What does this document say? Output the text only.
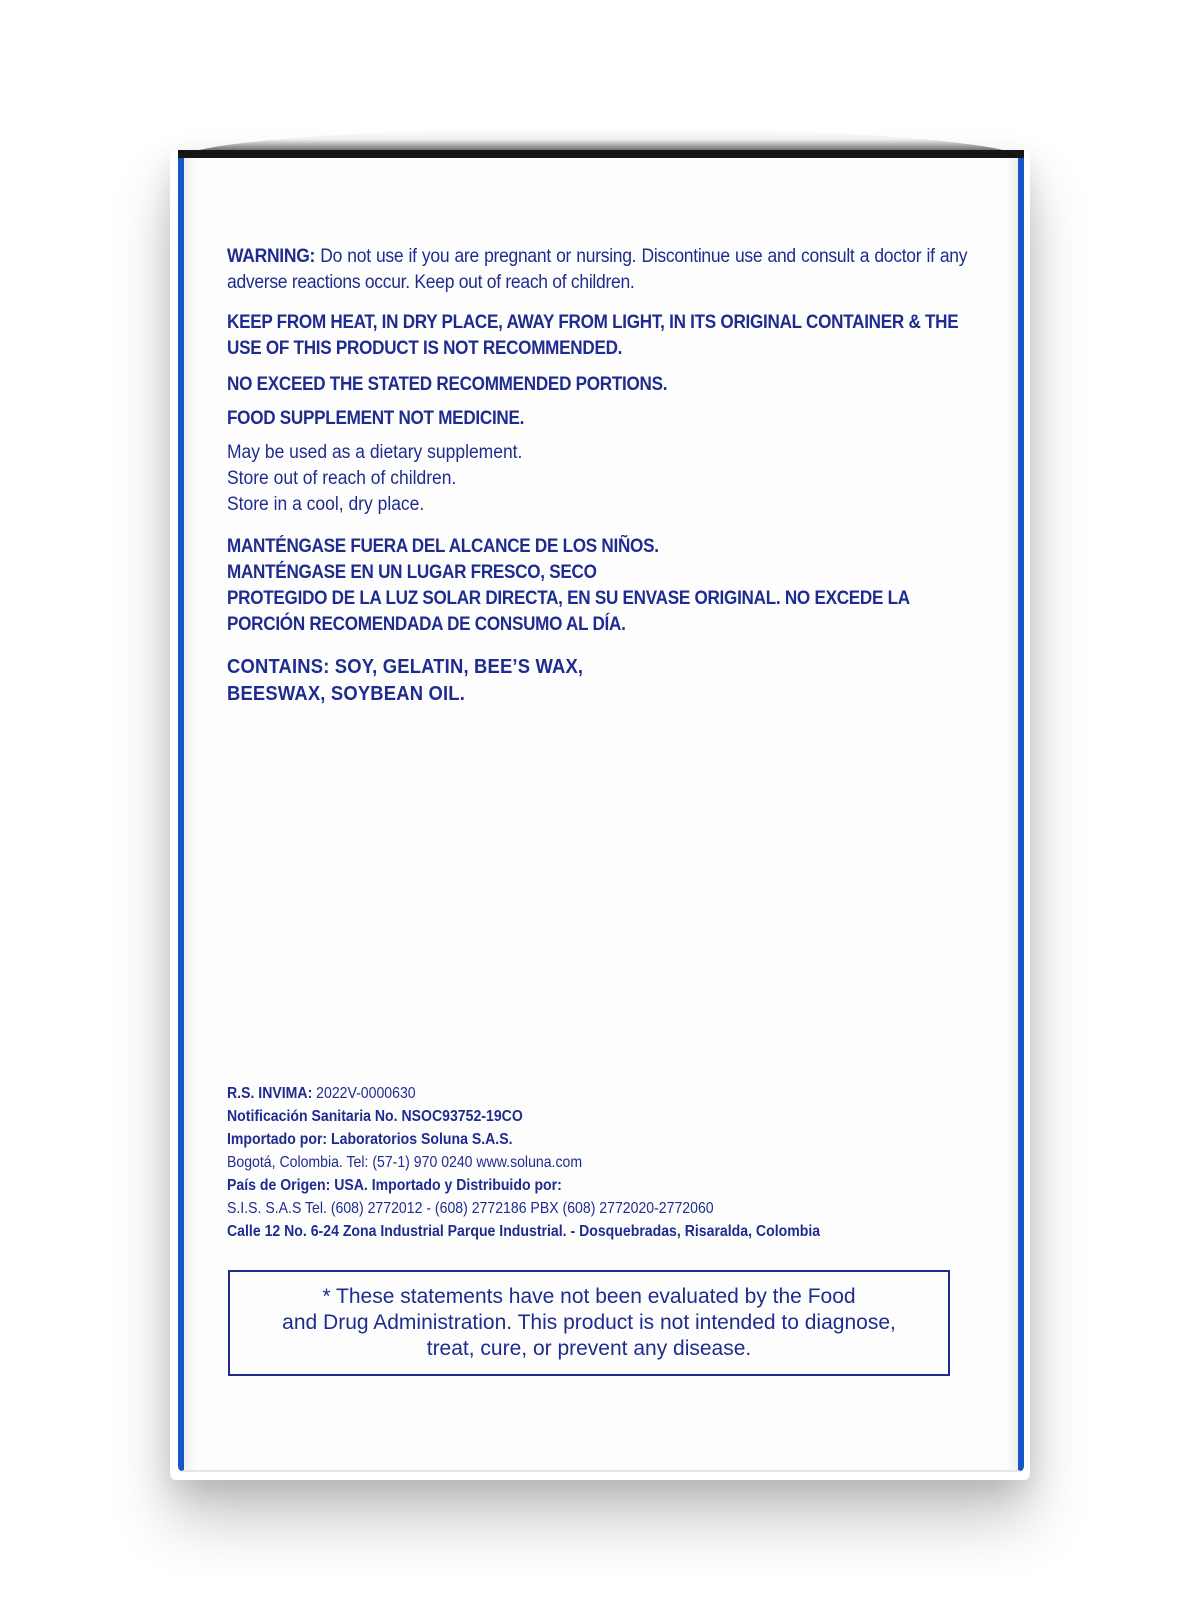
WARNING: Do not use if you are pregnant or nursing. Discontinue use and consult a doctor if any adverse reactions occur. Keep out of reach of children.

KEEP FROM HEAT, IN DRY PLACE, AWAY FROM LIGHT, IN ITS ORIGINAL CONTAINER & THE USE OF THIS PRODUCT IS NOT RECOMMENDED.

NO EXCEED THE STATED RECOMMENDED PORTIONS.

FOOD SUPPLEMENT NOT MEDICINE.

May be used as a dietary supplement.
Store out of reach of children.
Store in a cool, dry place.
MANTÉNGASE FUERA DEL ALCANCE DE LOS NIÑOS.
MANTÉNGASE EN UN LUGAR FRESCO, SECO
PROTEGIDO DE LA LUZ SOLAR DIRECTA, EN SU ENVASE ORIGINAL. NO EXCEDE LA PORCIÓN RECOMENDADA DE CONSUMO AL DÍA.
CONTAINS: SOY, GELATIN, BEE’S WAX,
BEESWAX, SOYBEAN OIL.
R.S. INVIMA: 2022V-0000630
Notificación Sanitaria No. NSOC93752-19CO
Importado por: Laboratorios Soluna S.A.S.
Bogotá, Colombia. Tel: (57-1) 970 0240 www.soluna.com
País de Origen: USA. Importado y Distribuido por:
S.I.S. S.A.S Tel. (608) 2772012 - (608) 2772186 PBX (608) 2772020-2772060
Calle 12 No. 6-24 Zona Industrial Parque Industrial. - Dosquebradas, Risaralda, Colombia
* These statements have not been evaluated by the Food
and Drug Administration. This product is not intended to diagnose,
treat, cure, or prevent any disease.
